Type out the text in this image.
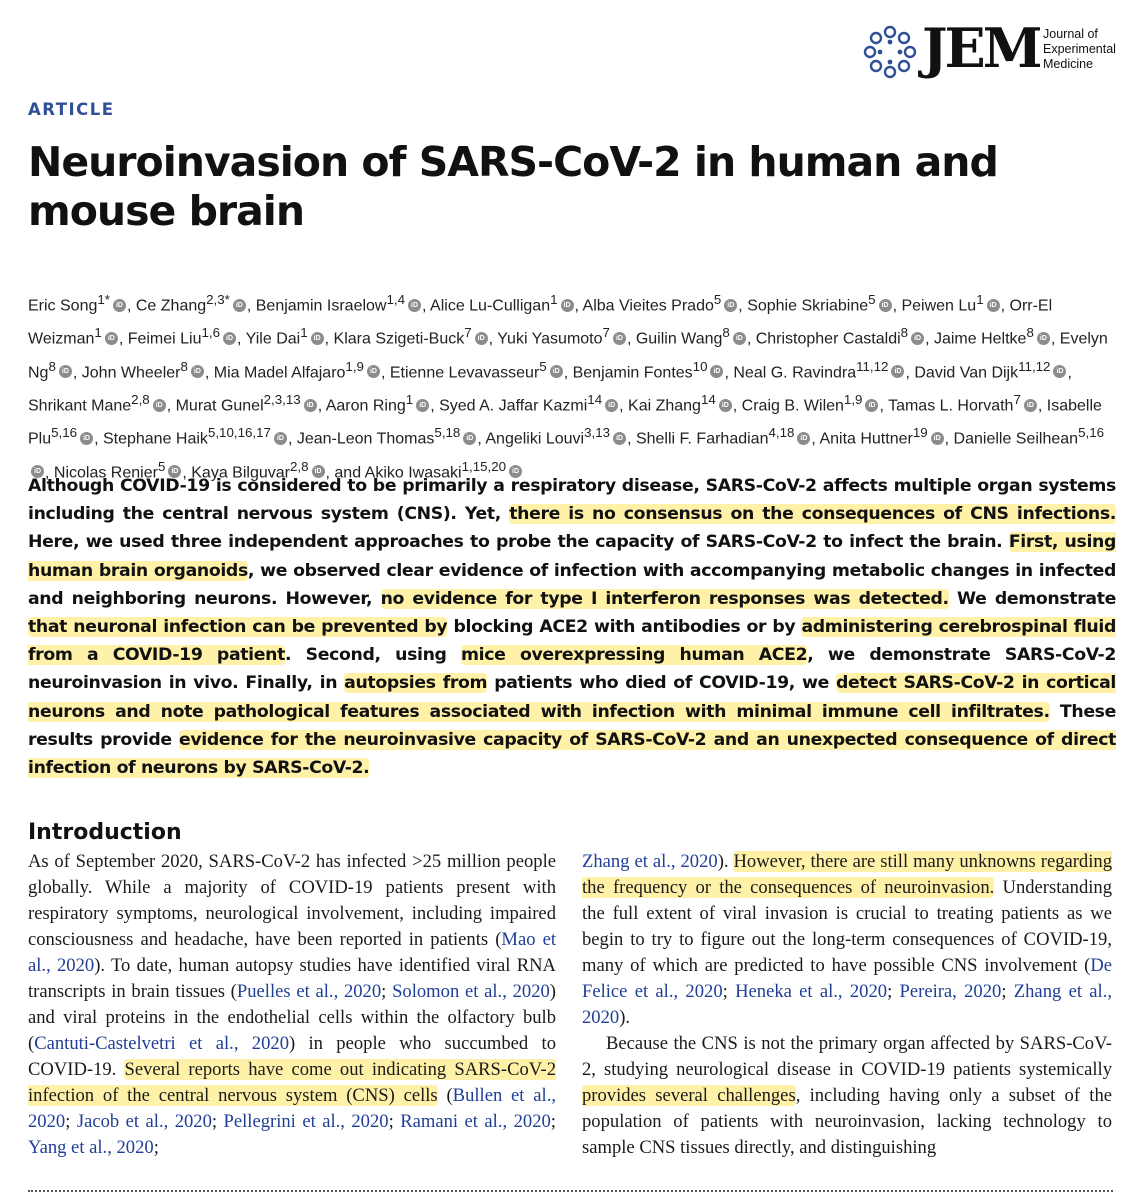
JEM Journal of
Experimental
Medicine
ARTICLE
Neuroinvasion of SARS-CoV-2 in human and mouse brain
Eric Song$^{1*}$ iD , Ce Zhang$^{2,3*}$ iD , Benjamin Israelow$^{1,4}$ iD , Alice Lu-Culligan$^1$ iD , Alba Vieites Prado$^5$ iD , Sophie Skriabine$^5$ iD , Peiwen Lu$^1$ iD , Orr-El Weizman$^1$ iD , Feimei Liu$^{1,6}$ iD , Yile Dai$^1$ iD , Klara Szigeti-Buck$^7$ iD , Yuki Yasumoto$^7$ iD , Guilin Wang$^8$ iD , Christopher Castaldi$^8$ iD , Jaime Heltke$^8$ iD , Evelyn Ng$^8$ iD , John Wheeler$^8$ iD , Mia Madel Alfajaro$^{1,9}$ iD , Etienne Levavasseur$^5$ iD , Benjamin Fontes$^{10}$ iD , Neal G. Ravindra$^{11,12}$ iD , David Van Dijk$^{11,12}$ iD , Shrikant Mane$^{2,8}$ iD , Murat Gunel$^{2,3,13}$ iD , Aaron Ring$^1$ iD , Syed A. Jaffar Kazmi$^{14}$ iD , Kai Zhang$^{14}$ iD , Craig B. Wilen$^{1,9}$ iD , Tamas L. Horvath$^7$ iD , Isabelle Plu$^{5,16}$ iD , Stephane Haik$^{5,10,16,17}$ iD , Jean-Leon Thomas$^{5,18}$ iD , Angeliki Louvi$^{3,13}$ iD , Shelli F. Farhadian$^{4,18}$ iD , Anita Huttner$^{19}$ iD , Danielle Seilhean$^{5,16}$iD , Nicolas Renier$^5$ iD , Kaya Bilguvar$^{2,8}$ iD , and Akiko Iwasaki$^{1,15,20}$ iD
Although COVID-19 is considered to be primarily a respiratory disease, SARS-CoV-2 affects multiple organ systems including the central nervous system (CNS). Yet, there is no consensus on the consequences of CNS infections. Here, we used three independent approaches to probe the capacity of SARS-CoV-2 to infect the brain. First, using human brain organoids, we observed clear evidence of infection with accompanying metabolic changes in infected and neighboring neurons. However, no evidence for type I interferon responses was detected. We demonstrate that neuronal infection can be prevented by blocking ACE2 with antibodies or by administering cerebrospinal fluid from a COVID-19 patient. Second, using mice overexpressing human ACE2, we demonstrate SARS-CoV-2 neuroinvasion in vivo. Finally, in autopsies from patients who died of COVID-19, we detect SARS-CoV-2 in cortical neurons and note pathological features associated with infection with minimal immune cell infiltrates. These results provide evidence for the neuroinvasive capacity of SARS-CoV-2 and an unexpected consequence of direct infection of neurons by SARS-CoV-2.
Introduction
As of September 2020, SARS-CoV-2 has infected >25 million people globally. While a majority of COVID-19 patients present with respiratory symptoms, neurological involvement, including impaired consciousness and headache, have been reported in patients (Mao et al., 2020). To date, human autopsy studies have identified viral RNA transcripts in brain tissues (Puelles et al., 2020; Solomon et al., 2020) and viral proteins in the endothelial cells within the olfactory bulb (Cantuti-Castelvetri et al., 2020) in people who succumbed to COVID-19. Several reports have come out indicating SARS-CoV-2 infection of the central nervous system (CNS) cells (Bullen et al., 2020; Jacob et al., 2020; Pellegrini et al., 2020; Ramani et al., 2020; Yang et al., 2020;
Zhang et al., 2020). However, there are still many unknowns regarding the frequency or the consequences of neuroinvasion. Understanding the full extent of viral invasion is crucial to treating patients as we begin to try to figure out the long-term consequences of COVID-19, many of which are predicted to have possible CNS involvement (De Felice et al., 2020; Heneka et al., 2020; Pereira, 2020; Zhang et al., 2020).
Because the CNS is not the primary organ affected by SARS-CoV-2, studying neurological disease in COVID-19 patients systemically provides several challenges, including having only a subset of the population of patients with neuroinvasion, lacking technology to sample CNS tissues directly, and distinguishing
